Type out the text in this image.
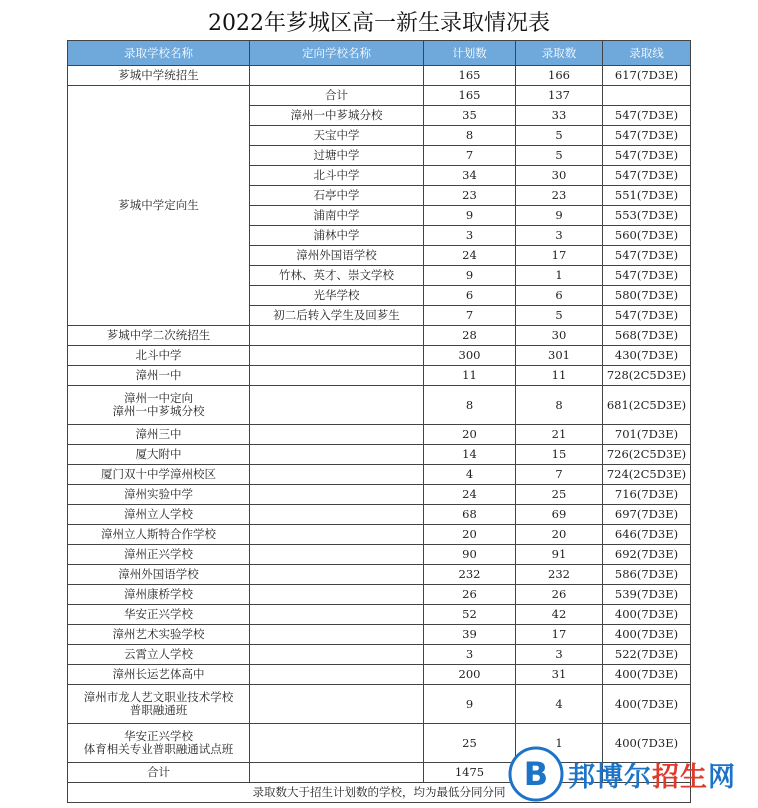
2022年芗城区高一新生录取情况表
录取学校名称	定向学校名称	计划数	录取数	录取线

芗城中学统招生		165	166	617(7D3E)
芗城中学定向生	合计	165	137	
	漳州一中芗城分校	35	33	547(7D3E)
	天宝中学	8	5	547(7D3E)
	过塘中学	7	5	547(7D3E)
	北斗中学	34	30	547(7D3E)
	石亭中学	23	23	551(7D3E)
	浦南中学	9	9	553(7D3E)
	浦林中学	3	3	560(7D3E)
	漳州外国语学校	24	17	547(7D3E)
	竹林、英才、崇文学校	9	1	547(7D3E)
	光华学校	6	6	580(7D3E)
	初二后转入学生及回芗生	7	5	547(7D3E)

芗城中学二次统招生		28	30	568(7D3E)

北斗中学		300	301	430(7D3E)

漳州一中		11	11	728(2C5D3E)

漳州一中定向
漳州一中芗城分校		8	8	681(2C5D3E)

漳州三中		20	21	701(7D3E)

厦大附中		14	15	726(2C5D3E)

厦门双十中学漳州校区		4	7	724(2C5D3E)

漳州实验中学		24	25	716(7D3E)

漳州立人学校		68	69	697(7D3E)

漳州立人斯特合作学校		20	20	646(7D3E)

漳州正兴学校		90	91	692(7D3E)

漳州外国语学校		232	232	586(7D3E)

漳州康桥学校		26	26	539(7D3E)

华安正兴学校		52	42	400(7D3E)

漳州艺术实验学校		39	17	400(7D3E)

云霄立人学校		3	3	522(7D3E)

漳州长运艺体高中		200	31	400(7D3E)

漳州市龙人艺文职业技术学校
普职融通班		9	4	400(7D3E)

华安正兴学校
体育相关专业普职融通试点班		25	1	400(7D3E)
合计		1475		
录取数大于招生计划数的学校，均为最低分同分同				B 邦博尔招生网
